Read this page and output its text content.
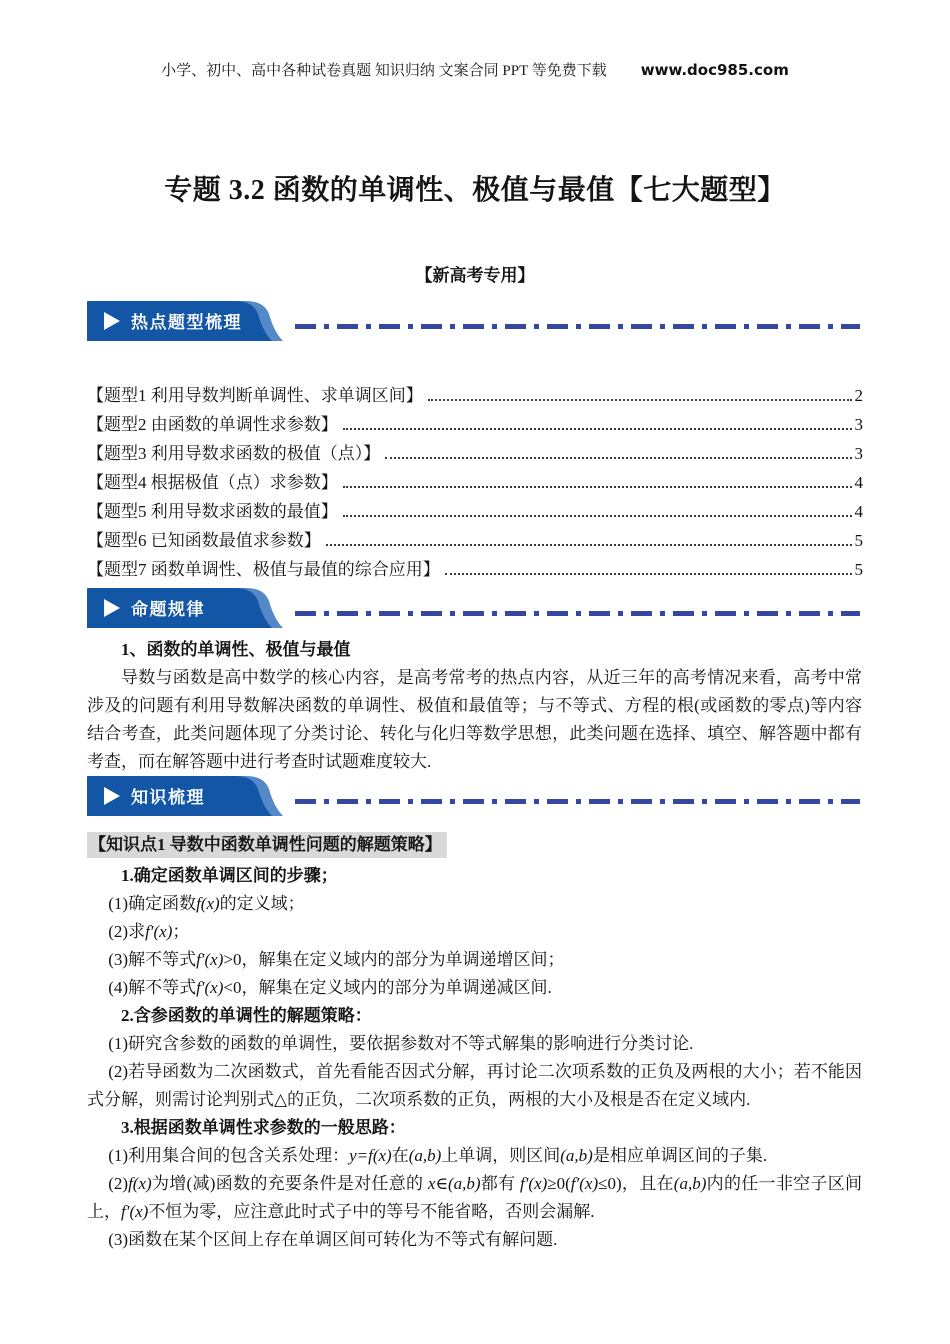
小学、初中、高中各种试卷真题 知识归纳 文案合同 PPT 等免费下载 www.doc985.com
专题 3.2 函数的单调性、极值与最值【七大题型】
【新高考专用】
热点题型梳理
【题型1 利用导数判断单调性、求单调区间】	2
【题型2 由函数的单调性求参数】	3
【题型3 利用导数求函数的极值（点）】	3
【题型4 根据极值（点）求参数】	4
【题型5 利用导数求函数的最值】	4
【题型6 已知函数最值求参数】	5
【题型7 函数单调性、极值与最值的综合应用】	5
命题规律

1、函数的单调性、极值与最值

导数与函数是高中数学的核心内容，是高考常考的热点内容，从近三年的高考情况来看，高考中常涉及的问题有利用导数解决函数的单调性、极值和最值等；与不等式、方程的根(或函数的零点)等内容结合考查，此类问题体现了分类讨论、转化与化归等数学思想，此类问题在选择、填空、解答题中都有考查，而在解答题中进行考查时试题难度较大.

知识梳理
【知识点1 导数中函数单调性问题的解题策略】

1.确定函数单调区间的步骤；

(1)确定函数f(x)的定义域；

(2)求f′(x)；

(3)解不等式f′(x)>0，解集在定义域内的部分为单调递增区间；

(4)解不等式f′(x)<0，解集在定义域内的部分为单调递减区间.

2.含参函数的单调性的解题策略：

(1)研究含参数的函数的单调性，要依据参数对不等式解集的影响进行分类讨论.

(2)若导函数为二次函数式，首先看能否因式分解，再讨论二次项系数的正负及两根的大小；若不能因式分解，则需讨论判别式△的正负，二次项系数的正负，两根的大小及根是否在定义域内.

3.根据函数单调性求参数的一般思路：

(1)利用集合间的包含关系处理：y=f(x)在(a,b)上单调，则区间(a,b)是相应单调区间的子集.

(2)f(x)为增(减)函数的充要条件是对任意的 x∈(a,b)都有 f′(x)≥0(f′(x)≤0)，且在(a,b)内的任一非空子区间上，f′(x)不恒为零，应注意此时式子中的等号不能省略，否则会漏解.

(3)函数在某个区间上存在单调区间可转化为不等式有解问题.
